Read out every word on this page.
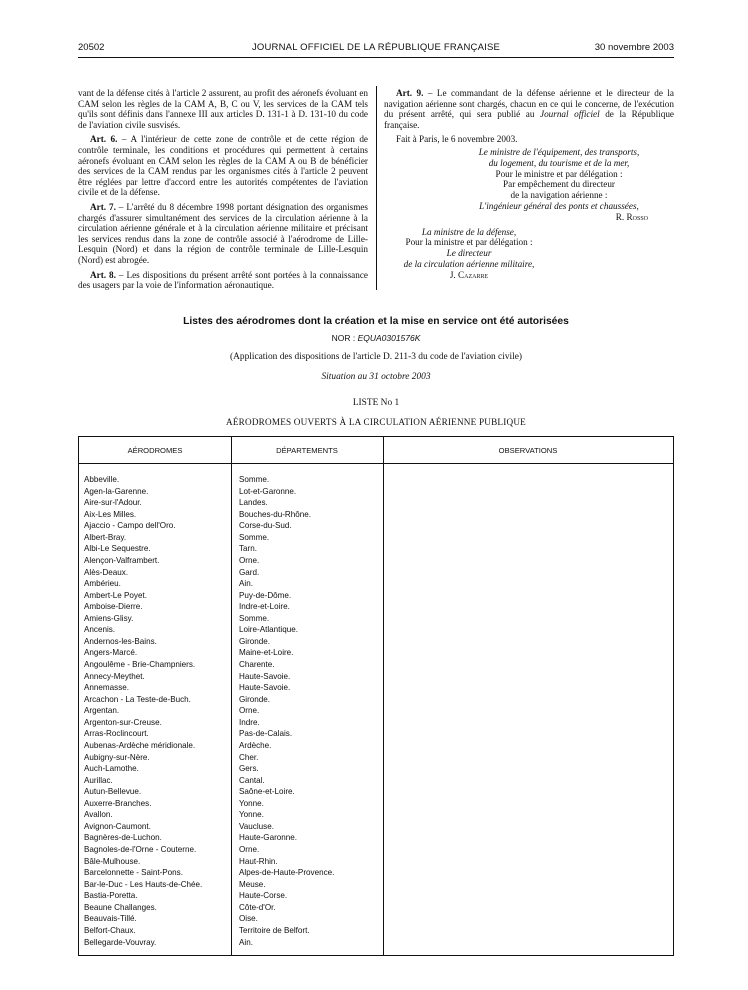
20502	JOURNAL OFFICIEL DE LA RÉPUBLIQUE FRANÇAISE	30 novembre 2003

vant de la défense cités à l'article 2 assurent, au profit des aéronefs évoluant en CAM selon les règles de la CAM A, B, C ou V, les services de la CAM tels qu'ils sont définis dans l'annexe III aux articles D. 131-1 à D. 131-10 du code de l'aviation civile susvisés.

Art. 6. – A l'intérieur de cette zone de contrôle et de cette région de contrôle terminale, les conditions et procédures qui permettent à certains aéronefs évoluant en CAM selon les règles de la CAM A ou B de bénéficier des services de la CAM rendus par les organismes cités à l'article 2 peuvent être réglées par lettre d'accord entre les autorités compétentes de l'aviation civile et de la défense.

Art. 7. – L'arrêté du 8 décembre 1998 portant désignation des organismes chargés d'assurer simultanément des services de la circulation aérienne à la circulation aérienne générale et à la circulation aérienne militaire et précisant les services rendus dans la zone de contrôle associé à l'aérodrome de Lille-Lesquin (Nord) et dans la région de contrôle terminale de Lille-Lesquin (Nord) est abrogée.

Art. 8. – Les dispositions du présent arrêté sont portées à la connaissance des usagers par la voie de l'information aéronautique.

Art. 9. – Le commandant de la défense aérienne et le directeur de la navigation aérienne sont chargés, chacun en ce qui le concerne, de l'exécution du présent arrêté, qui sera publié au Journal officiel de la République française.

Fait à Paris, le 6 novembre 2003.

Le ministre de l'équipement, des transports,
du logement, du tourisme et de la mer,
Pour le ministre et par délégation :
Par empêchement du directeur
de la navigation aérienne :
L'ingénieur général des ponts et chaussées,
R. Rosso
La ministre de la défense,
Pour la ministre et par délégation :
Le directeur
de la circulation aérienne militaire,
J. Cazarre
Listes des aérodromes dont la création et la mise en service ont été autorisées
NOR : EQUA0301576K
(Application des dispositions de l'article D. 211-3 du code de l'aviation civile)
Situation au 31 octobre 2003
LISTE No 1
AÉRODROMES OUVERTS À LA CIRCULATION AÉRIENNE PUBLIQUE
AÉRODROMES	DÉPARTEMENTS	OBSERVATIONS
Abbeville.	Somme.
Agen-la-Garenne.	Lot-et-Garonne.
Aire-sur-l'Adour.	Landes.
Aix-Les Milles.	Bouches-du-Rhône.
Ajaccio - Campo dell'Oro.	Corse-du-Sud.
Albert-Bray.	Somme.
Albi-Le Sequestre.	Tarn.
Alençon-Valframbert.	Orne.
Alès-Deaux.	Gard.
Ambérieu.	Ain.
Ambert-Le Poyet.	Puy-de-Dôme.
Amboise-Dierre.	Indre-et-Loire.
Amiens-Glisy.	Somme.
Ancenis.	Loire-Atlantique.
Andernos-les-Bains.	Gironde.
Angers-Marcé.	Maine-et-Loire.
Angoulême - Brie-Champniers.	Charente.
Annecy-Meythet.	Haute-Savoie.
Annemasse.	Haute-Savoie.
Arcachon - La Teste-de-Buch.	Gironde.
Argentan.	Orne.
Argenton-sur-Creuse.	Indre.
Arras-Roclincourt.	Pas-de-Calais.
Aubenas-Ardèche méridionale.	Ardèche.
Aubigny-sur-Nère.	Cher.
Auch-Lamothe.	Gers.
Aurillac.	Cantal.
Autun-Bellevue.	Saône-et-Loire.
Auxerre-Branches.	Yonne.
Avallon.	Yonne.
Avignon-Caumont.	Vaucluse.
Bagnères-de-Luchon.	Haute-Garonne.
Bagnoles-de-l'Orne - Couterne.	Orne.
Bâle-Mulhouse.	Haut-Rhin.
Barcelonnette - Saint-Pons.	Alpes-de-Haute-Provence.
Bar-le-Duc - Les Hauts-de-Chée.	Meuse.
Bastia-Poretta.	Haute-Corse.
Beaune Challanges.	Côte-d'Or.
Beauvais-Tillé.	Oise.
Belfort-Chaux.	Territoire de Belfort.
Bellegarde-Vouvray.	Ain.
